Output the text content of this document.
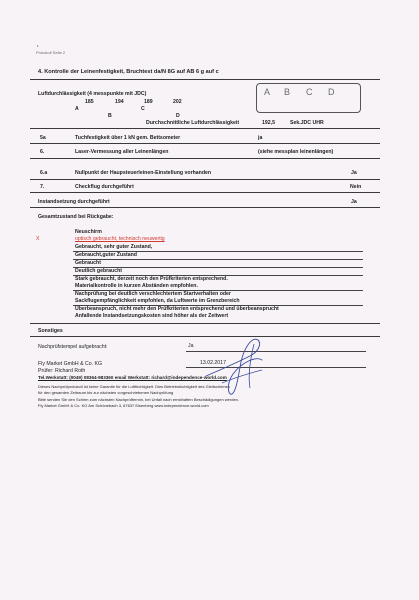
•
Protokoll Seite 2
4. Kontrolle der Leinenfestigkeit, Bruchtest da/N 8G auf AB 6 g auf c
Luftdurchlässigkeit (4 messpunkte mit JDC)
185	194	189	202
A	C
B	D
A B C D
Durchschnittliche Luftdurchlässigkeit	192,5	Sek.JDC UHR
5a	Tuchfestigkeit über 1 kN gem. Bettsometer	ja
6.	Laser-Vermessung aller Leinenlängen	(siehe messplan leinenlängen)
6.a	Nullpunkt der Haupsteuerleinen-Einstellung vorhanden	Ja
7.	Checkflug durchgeführt	Nein
Instandsetzung durchgeführt	Ja
Gesamtzustand bei Rückgabe:
Neuschirm
X	optisch gebraucht, technisch neuwertig
Gebraucht, sehr guter Zustand,
Gebraucht,guter Zustand
Gebraucht
Deutlich gebraucht
Stark gebraucht, derzeit noch den Prüfkriterien entsprechend.
Materialkontrolle in kurzen Abständen empfohlen.
Nachprüfung bei deutlich verschlechtertem Startverhalten oder
Sackflugempfänglichkeit empfohlen, da Luftwerte im Grenzbereich
Überbeanspruch, nicht mehr den Prüfkriterien entsprechend und überbeansprucht
Anfallende Instandsetzungskosten sind höher als der Zeitwert
Sonstiges
Nachprüfstempel aufgebracht:	Ja
Fly Market GmbH & Co. KG	13.02.2017
Prüfer: Richard Roth
Tel.Werkstatt: (0049) 08364-983360 email Werkstatt: richard@independence-world.com
Dieses Nachprüfprotokoll ist keine Garantie für die Luftfüchtigkeit. Dies Betriebstüchtigkeit des Gleitschirmes
für den gesamten Zeitraum bis zur nächsten vorgeschriebenen Nachprüfung
Bitte senden Sie den Schirm zum nächsten Nachprüftermin, bei Unfall nach ernsthaften Beschädigungen werden.
Fly Market GmbH & Co. KG Am Schönebach 3, 87637 Eisenberg www.independence-world.com
